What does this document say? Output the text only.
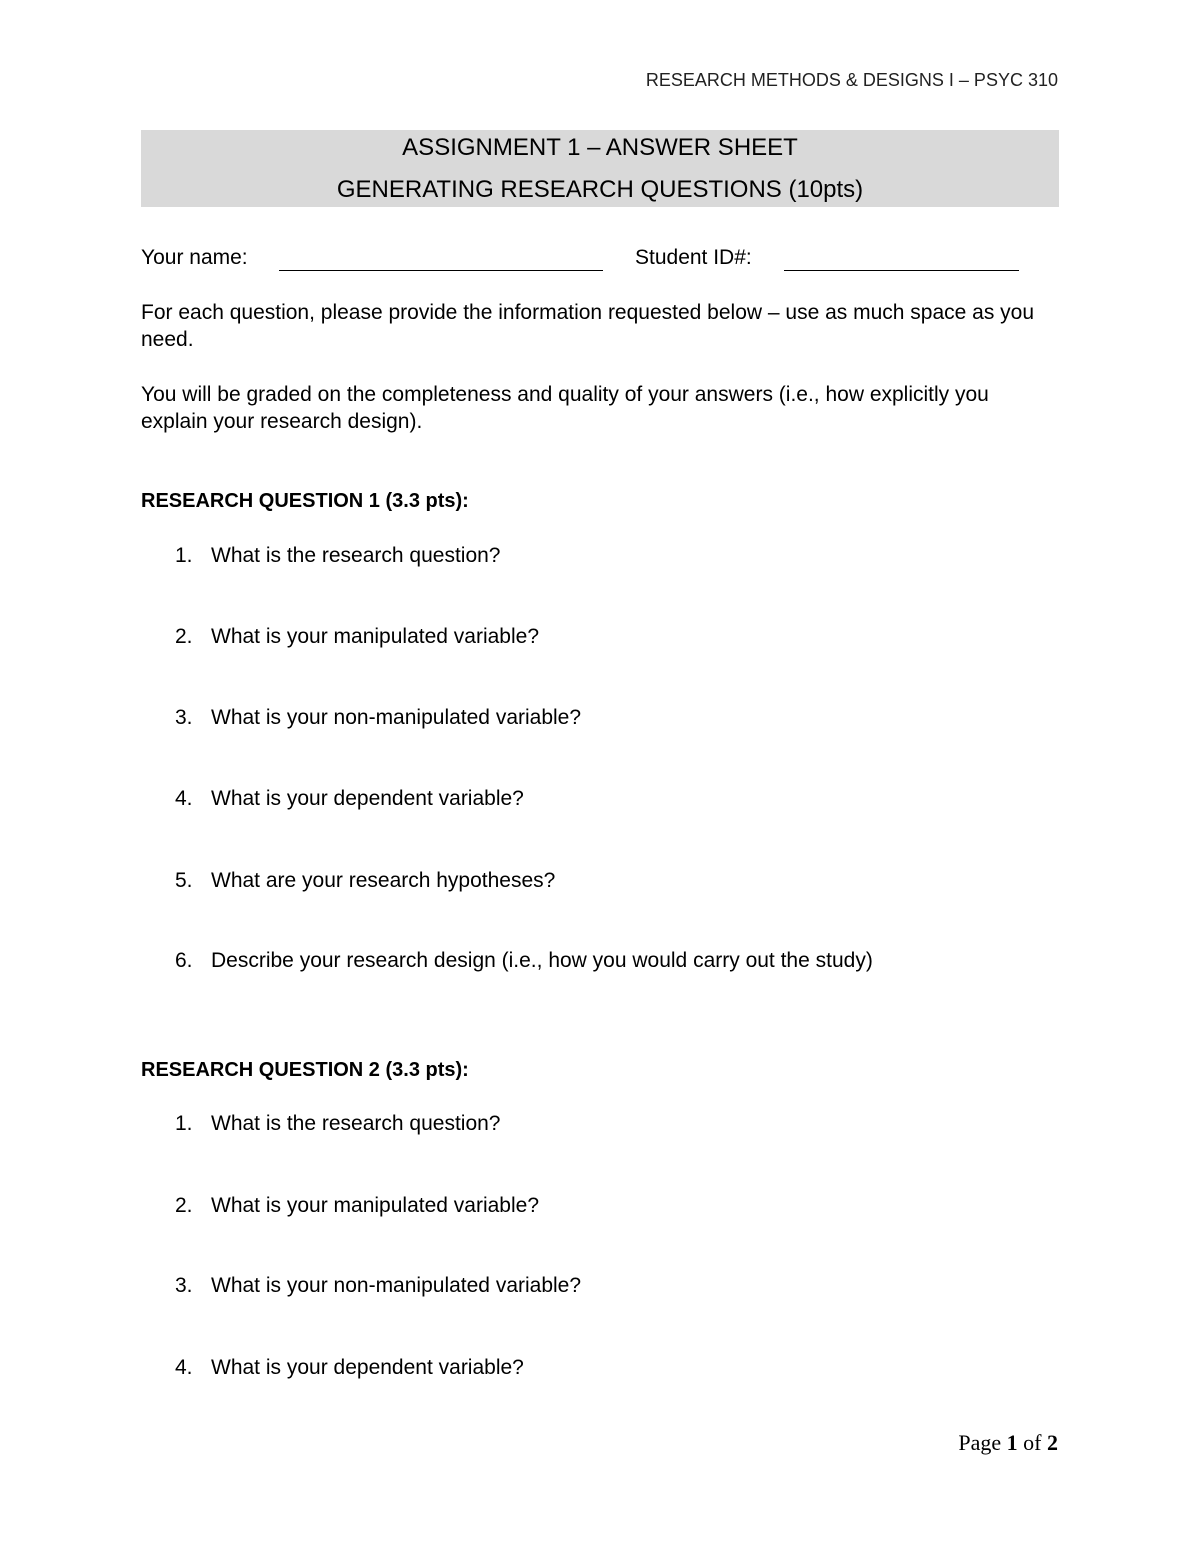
RESEARCH METHODS & DESIGNS I – PSYC 310
ASSIGNMENT 1 – ANSWER SHEET
GENERATING RESEARCH QUESTIONS (10pts)
Your name:	Student ID#:
For each question, please provide the information requested below – use as much space as you need.
You will be graded on the completeness and quality of your answers (i.e., how explicitly you explain your research design).
RESEARCH QUESTION 1 (3.3 pts):
1. What is the research question?
2. What is your manipulated variable?
3. What is your non-manipulated variable?
4. What is your dependent variable?
5. What are your research hypotheses?
6. Describe your research design (i.e., how you would carry out the study)
RESEARCH QUESTION 2 (3.3 pts):
1. What is the research question?
2. What is your manipulated variable?
3. What is your non-manipulated variable?
4. What is your dependent variable?
Page 1 of 2
